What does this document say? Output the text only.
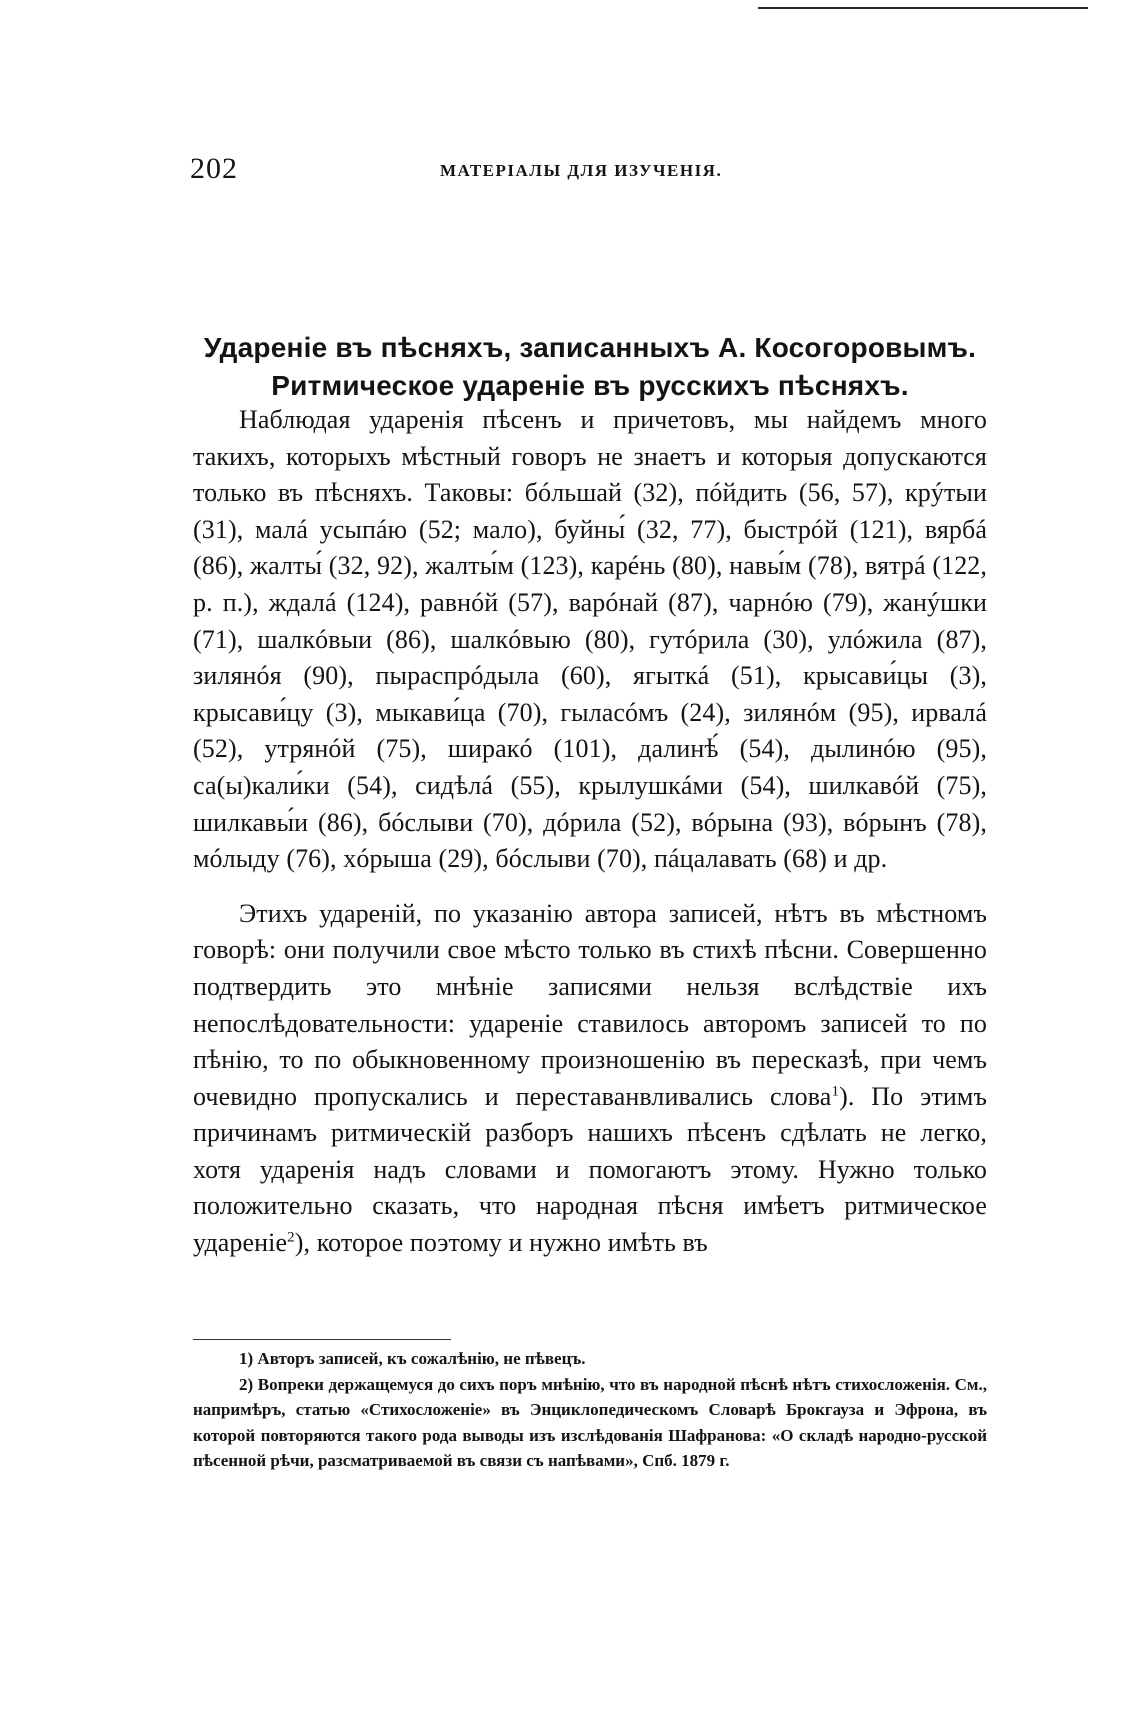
202	МАТЕРІАЛЫ ДЛЯ ИЗУЧЕНІЯ.
Удареніе въ пѣсняхъ, записанныхъ А. Косогоровымъ. Ритмическое удареніе въ русскихъ пѣсняхъ.

Наблюдая ударенія пѣсенъ и причетовъ, мы найдемъ много такихъ, которыхъ мѣстный говоръ не знаетъ и которыя допускаются только въ пѣсняхъ. Таковы: бóльшай (32), пóйдить (56, 57), крýтыи (31), малá усыпáю (52; мало), буйны́ (32, 77), быстрóй (121), вярбá (86), жалты́ (32, 92), жалты́м (123), карéнь (80), навы́м (78), вятрá (122, р. п.), ждалá (124), равнóй (57), варóнай (87), чарнóю (79), жанýшки (71), шалкóвыи (86), шалкóвыю (80), гутóрила (30), улóжила (87), зилянóя (90), пыраспрóдыла (60), ягыткá (51), крысави́цы (3), крысави́цу (3), мыкави́ца (70), гыласóмъ (24), зилянóм (95), ирвалá (52), утрянóй (75), ширакó (101), далинѣ́ (54), дылинóю (95), са(ы)кали́ки (54), сидѣлá (55), крылушкáми (54), шилкавóй (75), шилкавы́и (86), бóслыви (70), дóрила (52), вóрына (93), вóрынъ (78), мóлыду (76), хóрыша (29), бóслыви (70), пáцалавать (68) и др.

Этихъ удареній, по указанію автора записей, нѣтъ въ мѣстномъ говорѣ: они получили свое мѣсто только въ стихѣ пѣсни. Совершенно подтвердить это мнѣніе записями нельзя вслѣдствіе ихъ непослѣдовательности: удареніе ставилось авторомъ записей то по пѣнію, то по обыкновенному произношенію въ пересказѣ, при чемъ очевидно пропускались и переставанвливались слова$^1$). По этимъ причинамъ ритмическій разборъ нашихъ пѣсенъ сдѣлать не легко, хотя ударенія надъ словами и помогаютъ этому. Нужно только положительно сказать, что народная пѣсня имѣетъ ритмическое удареніе$^2$), которое поэтому и нужно имѣть въ

1) Авторъ записей, къ сожалѣнію, не пѣвецъ.

2) Вопреки держащемуся до сихъ поръ мнѣнію, что въ народной пѣснѣ нѣтъ стихосложенія. См., напримѣръ, статью «Стихосложеніе» въ Энциклопедическомъ Словарѣ Брокгауза и Эфрона, въ которой повторяются такого рода выводы изъ изслѣдованія Шафранова: «О складѣ народно-русской пѣсенной рѣчи, разсматриваемой въ связи съ напѣвами», Спб. 1879 г.
